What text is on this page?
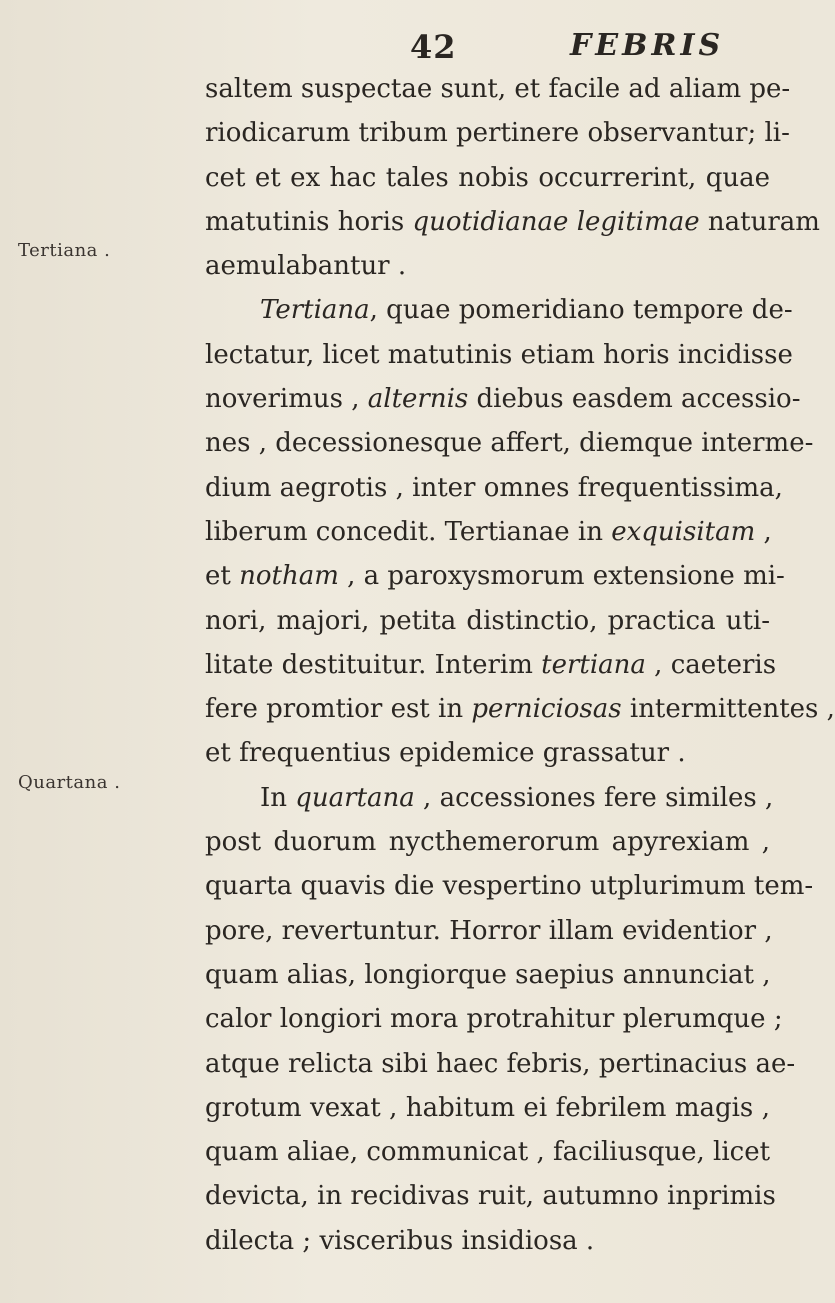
42	FEBRIS
Tertiana .
Quartana .
saltem suspectae sunt, et facile ad aliam pe-
riodicarum tribum pertinere observantur; li-
cet et ex hac tales nobis occurrerint, quae
matutinis horis quotidianae legitimae naturam
aemulabantur .
Tertiana, quae pomeridiano tempore de-
lectatur, licet matutinis etiam horis incidisse
noverimus , alternis diebus easdem accessio-
nes , decessionesque affert, diemque interme-
dium aegrotis , inter omnes frequentissima,
liberum concedit. Tertianae in exquisitam ,
et notham , a paroxysmorum extensione mi-
nori, majori, petita distinctio, practica uti-
litate destituitur. Interim tertiana , caeteris
fere promtior est in perniciosas intermittentes ,
et frequentius epidemice grassatur .
In quartana , accessiones fere similes ,
post duorum nycthemerorum apyrexiam ,
quarta quavis die vespertino utplurimum tem-
pore, revertuntur. Horror illam evidentior ,
quam alias, longiorque saepius annunciat ,
calor longiori mora protrahitur plerumque ;
atque relicta sibi haec febris, pertinacius ae-
grotum vexat , habitum ei febrilem magis ,
quam aliae, communicat , faciliusque, licet
devicta, in recidivas ruit, autumno inprimis
dilecta ; visceribus insidiosa .
